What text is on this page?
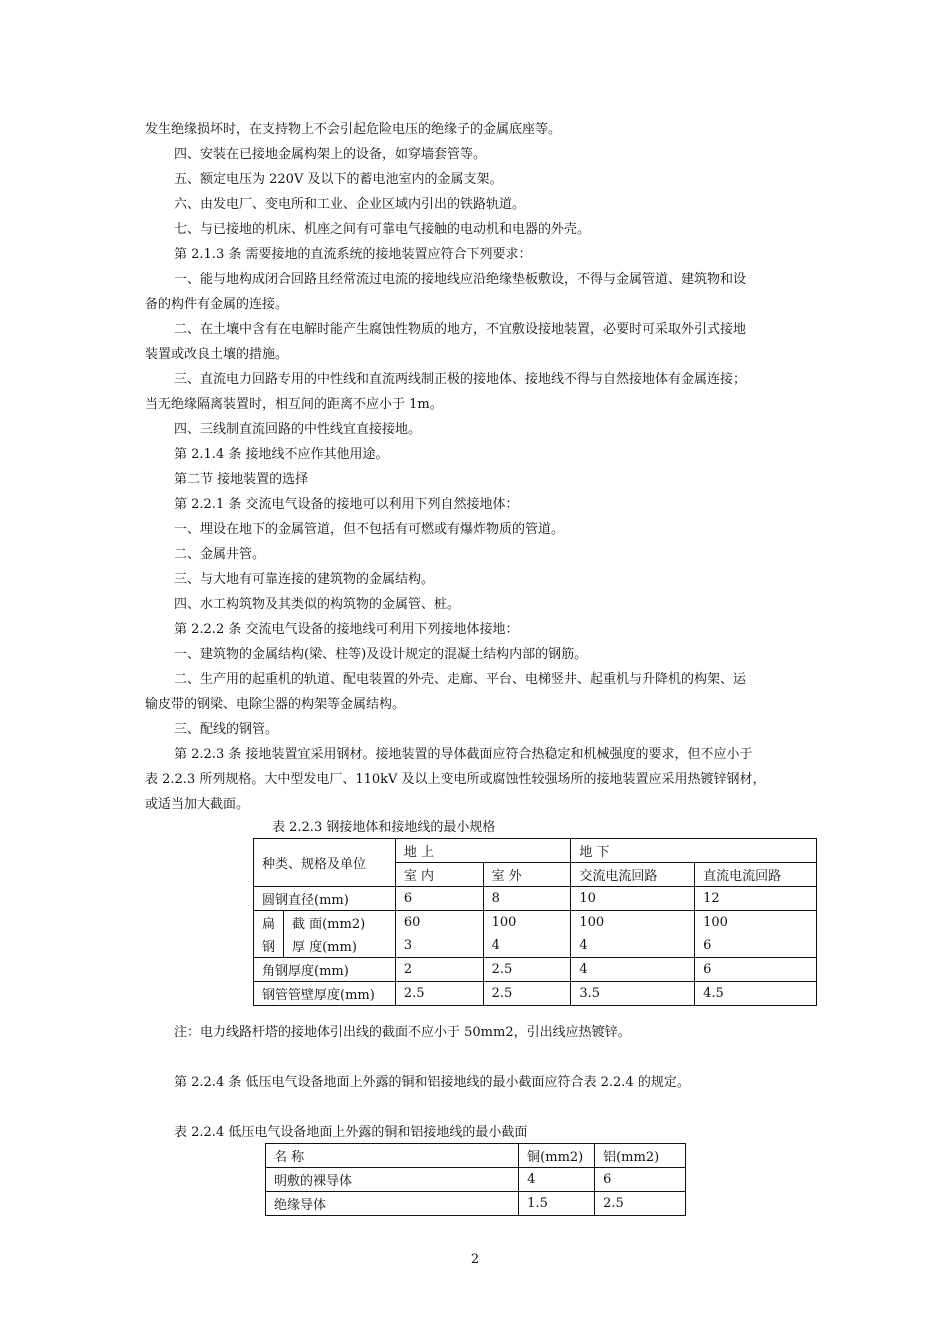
发生绝缘损坏时，在支持物上不会引起危险电压的绝缘子的金属底座等。
四、安装在已接地金属构架上的设备，如穿墙套管等。
五、额定电压为 220V 及以下的蓄电池室内的金属支架。
六、由发电厂、变电所和工业、企业区域内引出的铁路轨道。
七、与已接地的机床、机座之间有可靠电气接触的电动机和电器的外壳。
第 2.1.3 条 需要接地的直流系统的接地装置应符合下列要求：
一、能与地构成闭合回路且经常流过电流的接地线应沿绝缘垫板敷设，不得与金属管道、建筑物和设
备的构件有金属的连接。
二、在土壤中含有在电解时能产生腐蚀性物质的地方，不宜敷设接地装置，必要时可采取外引式接地
装置或改良土壤的措施。
三、直流电力回路专用的中性线和直流两线制正极的接地体、接地线不得与自然接地体有金属连接；
当无绝缘隔离装置时，相互间的距离不应小于 1m。
四、三线制直流回路的中性线宜直接接地。
第 2.1.4 条 接地线不应作其他用途。
第二节 接地装置的选择
第 2.2.1 条 交流电气设备的接地可以利用下列自然接地体：
一、埋设在地下的金属管道，但不包括有可燃或有爆炸物质的管道。
二、金属井管。
三、与大地有可靠连接的建筑物的金属结构。
四、水工构筑物及其类似的构筑物的金属管、桩。
第 2.2.2 条 交流电气设备的接地线可利用下列接地体接地：
一、建筑物的金属结构(梁、柱等)及设计规定的混凝土结构内部的钢筋。
二、生产用的起重机的轨道、配电装置的外壳、走廊、平台、电梯竖井、起重机与升降机的构架、运
输皮带的钢梁、电除尘器的构架等金属结构。
三、配线的钢管。
第 2.2.3 条 接地装置宜采用钢材。接地装置的导体截面应符合热稳定和机械强度的要求，但不应小于
表 2.2.3 所列规格。大中型发电厂、110kV 及以上变电所或腐蚀性较强场所的接地装置应采用热镀锌钢材，
或适当加大截面。
表 2.2.3 钢接地体和接地线的最小规格
种类、规格及单位		地 上		地 下	
		室 内	室 外	交流电流回路	直流电流回路
圆钢直径(mm)		6	8	10	12
扁	截 面(mm2)	60	100	100	100
钢	厚 度(mm)	3	4	4	6
角钢厚度(mm)		2	2.5	4	6
钢管管壁厚度(mm)		2.5	2.5	3.5	4.5
注：电力线路杆塔的接地体引出线的截面不应小于 50mm2，引出线应热镀锌。
第 2.2.4 条 低压电气设备地面上外露的铜和铝接地线的最小截面应符合表 2.2.4 的规定。
表 2.2.4 低压电气设备地面上外露的铜和铝接地线的最小截面
名 称	铜(mm2)	铝(mm2)
明敷的裸导体	4	6
绝缘导体	1.5	2.5
2
